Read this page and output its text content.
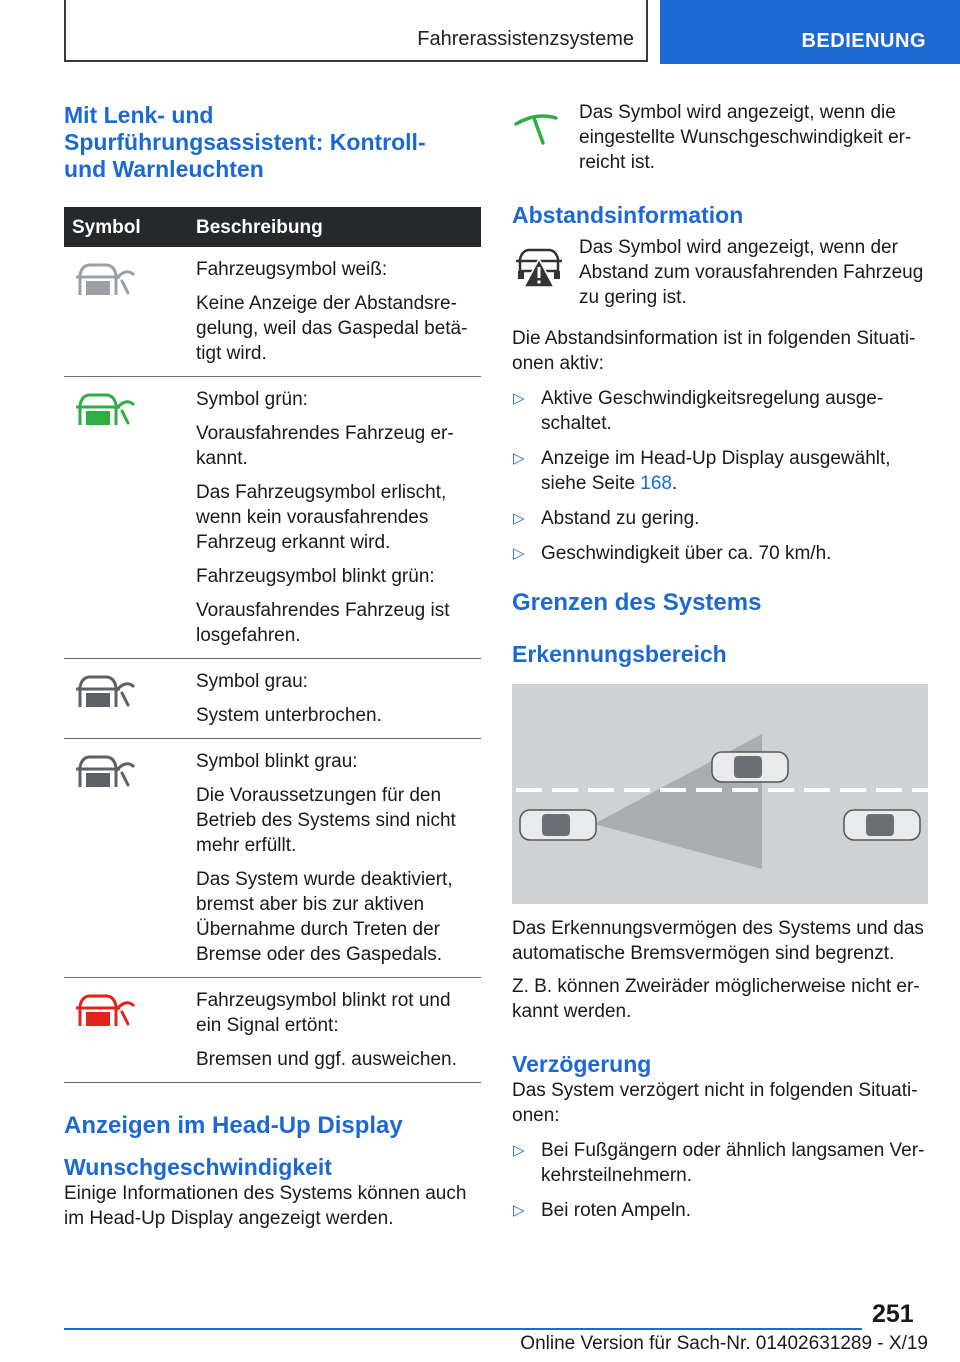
Fahrerassistenzsysteme	BEDIENUNG
Mit Lenk- und
Spurführungsassistent: Kontroll-
und Warnleuchten
Symbol	Beschreibung

Fahrzeugsymbol weiß:

Keine Anzeige der Abstandsre-gelung, weil das Gaspedal betä-tigt wird.

Symbol grün:

Vorausfahrendes Fahrzeug er-kannt.

Das Fahrzeugsymbol erlischt, wenn kein vorausfahrendes Fahrzeug erkannt wird.

Fahrzeugsymbol blinkt grün:

Vorausfahrendes Fahrzeug ist losgefahren.

Symbol grau:

System unterbrochen.

Symbol blinkt grau:

Die Voraussetzungen für den Betrieb des Systems sind nicht mehr erfüllt.

Das System wurde deaktiviert, bremst aber bis zur aktiven Übernahme durch Treten der Bremse oder des Gaspedals.

Fahrzeugsymbol blinkt rot und ein Signal ertönt:

Bremsen und ggf. ausweichen.

Anzeigen im Head-Up Display
Wunschgeschwindigkeit

Einige Informationen des Systems können auch im Head-Up Display angezeigt werden.

Das Symbol wird angezeigt, wenn die eingestellte Wunschgeschwindigkeit er-reicht ist.
Abstandsinformation
Das Symbol wird angezeigt, wenn der Abstand zum vorausfahrenden Fahrzeug zu gering ist.

Die Abstandsinformation ist in folgenden Situati-onen aktiv:

▷ Aktive Geschwindigkeitsregelung ausge-schaltet.
▷ Anzeige im Head-Up Display ausgewählt, siehe Seite 168.
▷ Abstand zu gering.
▷ Geschwindigkeit über ca. 70 km/h.
Grenzen des Systems
Erkennungsbereich

Das Erkennungsvermögen des Systems und das automatische Bremsvermögen sind begrenzt.

Z. B. können Zweiräder möglicherweise nicht er-kannt werden.

Verzögerung

Das System verzögert nicht in folgenden Situati-onen:

▷ Bei Fußgängern oder ähnlich langsamen Ver-kehrsteilnehmern.
▷ Bei roten Ampeln.
251
Online Version für Sach-Nr. 01402631289 - X/19
